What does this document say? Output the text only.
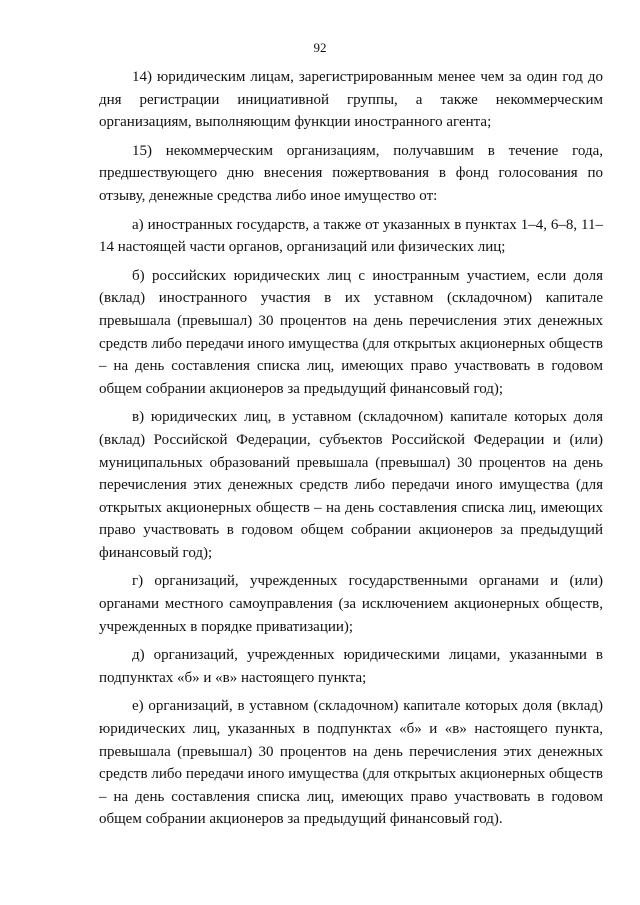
92

14) юридическим лицам, зарегистрированным менее чем за один год до дня регистрации инициативной группы, а также некоммерческим организациям, выполняющим функции иностранного агента;

15) некоммерческим организациям, получавшим в течение года, предшествующего дню внесения пожертвования в фонд голосования по отзыву, денежные средства либо иное имущество от:

а) иностранных государств, а также от указанных в пунктах 1–4, 6–8, 11–14 настоящей части органов, организаций или физических лиц;

б) российских юридических лиц с иностранным участием, если доля (вклад) иностранного участия в их уставном (складочном) капитале превышала (превышал) 30 процентов на день перечисления этих денежных средств либо передачи иного имущества (для открытых акционерных обществ – на день составления списка лиц, имеющих право участвовать в годовом общем собрании акционеров за предыдущий финансовый год);

в) юридических лиц, в уставном (складочном) капитале которых доля (вклад) Российской Федерации, субъектов Российской Федерации и (или) муниципальных образований превышала (превышал) 30 процентов на день перечисления этих денежных средств либо передачи иного имущества (для открытых акционерных обществ – на день составления списка лиц, имеющих право участвовать в годовом общем собрании акционеров за предыдущий финансовый год);

г) организаций, учрежденных государственными органами и (или) органами местного самоуправления (за исключением акционерных обществ, учрежденных в порядке приватизации);

д) организаций, учрежденных юридическими лицами, указанными в подпунктах «б» и «в» настоящего пункта;

е) организаций, в уставном (складочном) капитале которых доля (вклад) юридических лиц, указанных в подпунктах «б» и «в» настоящего пункта, превышала (превышал) 30 процентов на день перечисления этих денежных средств либо передачи иного имущества (для открытых акционерных обществ – на день составления списка лиц, имеющих право участвовать в годовом общем собрании акционеров за предыдущий финансовый год).
